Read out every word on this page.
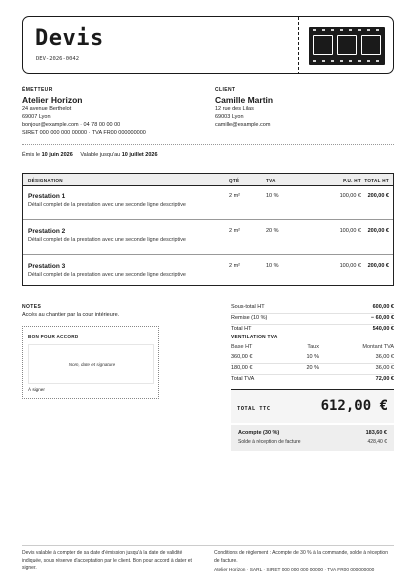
Devis
DEV-2026-0042
ÉMETTEUR
Atelier Horizon
24 avenue Berthelot
69007 Lyon
bonjour@example.com · 04 78 00 00 00
SIRET 000 000 000 00000 · TVA FR00 000000000
CLIENT
Camille Martin
12 rue des Lilas
69003 Lyon
camille@example.com
Émis le 10 juin 2026 Valable jusqu'au 10 juillet 2026
DÉSIGNATION	QTÉ	TVA	P.U. HT TOTAL HT
Prestation 1
Détail complet de la prestation avec une seconde ligne descriptive
2 m²	10 %	100,00 €	200,00 €
Prestation 2
Détail complet de la prestation avec une seconde ligne descriptive
2 m²	20 %	100,00 €	200,00 €
Prestation 3
Détail complet de la prestation avec une seconde ligne descriptive
2 m²	10 %	100,00 €	200,00 €
NOTES
Accès au chantier par la cour intérieure.
BON POUR ACCORD
Nom, date et signature
À signer
Sous-total HT	600,00 €
Remise (10 %)	− 60,00 €
Total HT	540,00 €
VENTILATION TVA
Base HT	Taux	Montant TVA
360,00 €	10 %	36,00 €
180,00 €	20 %	36,00 €
Total TVA	72,00 €
TOTAL TTC	612,00 €
Acompte (30 %)	183,60 €
Solde à réception de facture	428,40 €
Devis valable à compter de sa date d'émission jusqu'à la date de validité indiquée, sous réserve d'acceptation par le client. Bon pour accord à dater et signer.
Conditions de règlement : Acompte de 30 % à la commande, solde à réception de facture.
Atelier Horizon · SARL · SIRET 000 000 000 00000 · TVA FR00 000000000
